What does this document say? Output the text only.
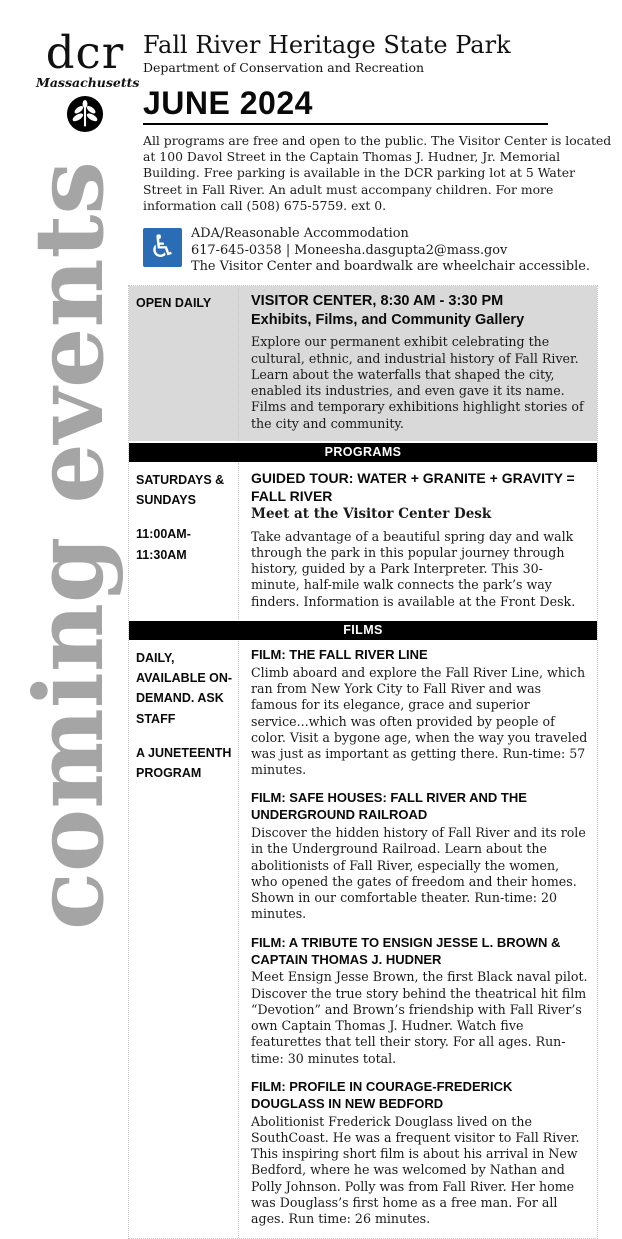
coming events
dcr
Massachusetts
Fall River Heritage State Park
Department of Conservation and Recreation
JUNE 2024

All programs are free and open to the public. The Visitor Center is located at 100 Davol Street in the Captain Thomas J. Hudner, Jr. Memorial Building. Free parking is available in the DCR parking lot at 5 Water Street in Fall River. An adult must accompany children. For more information call (508) 675-5759. ext 0.

♿ ADA/Reasonable Accommodation
617-645-0358 | Moneesha.dasgupta2@mass.gov
The Visitor Center and boardwalk are wheelchair accessible.
OPEN DAILY	VISITOR CENTER, 8:30 AM - 3:30 PM
Exhibits, Films, and Community Gallery

Explore our permanent exhibit celebrating the cultural, ethnic, and industrial history of Fall River. Learn about the waterfalls that shaped the city, enabled its industries, and even gave it its name. Films and temporary exhibitions highlight stories of the city and community.

PROGRAMS
SATURDAYS & SUNDAYS
11:00AM-11:30AM
GUIDED TOUR: WATER + GRANITE + GRAVITY = FALL RIVER
Meet at the Visitor Center Desk

Take advantage of a beautiful spring day and walk through the park in this popular journey through history, guided by a Park Interpreter. This 30-minute, half-mile walk connects the park’s way finders. Information is available at the Front Desk.

FILMS
DAILY, AVAILABLE ON-DEMAND. ASK STAFF
A JUNETEENTH PROGRAM
FILM: THE FALL RIVER LINE

Climb aboard and explore the Fall River Line, which ran from New York City to Fall River and was famous for its elegance, grace and superior service...which was often provided by people of color. Visit a bygone age, when the way you traveled was just as important as getting there. Run-time: 57 minutes.

FILM: SAFE HOUSES: FALL RIVER AND THE UNDERGROUND RAILROAD

Discover the hidden history of Fall River and its role in the Underground Railroad. Learn about the abolitionists of Fall River, especially the women, who opened the gates of freedom and their homes. Shown in our comfortable theater. Run-time: 20 minutes.

FILM: A TRIBUTE TO ENSIGN JESSE L. BROWN & CAPTAIN THOMAS J. HUDNER

Meet Ensign Jesse Brown, the first Black naval pilot. Discover the true story behind the theatrical hit film “Devotion” and Brown’s friendship with Fall River’s own Captain Thomas J. Hudner. Watch five featurettes that tell their story. For all ages. Run-time: 30 minutes total.

FILM: PROFILE IN COURAGE-FREDERICK DOUGLASS IN NEW BEDFORD

Abolitionist Frederick Douglass lived on the SouthCoast. He was a frequent visitor to Fall River. This inspiring short film is about his arrival in New Bedford, where he was welcomed by Nathan and Polly Johnson. Polly was from Fall River. Her home was Douglass’s first home as a free man. For all ages. Run time: 26 minutes.
